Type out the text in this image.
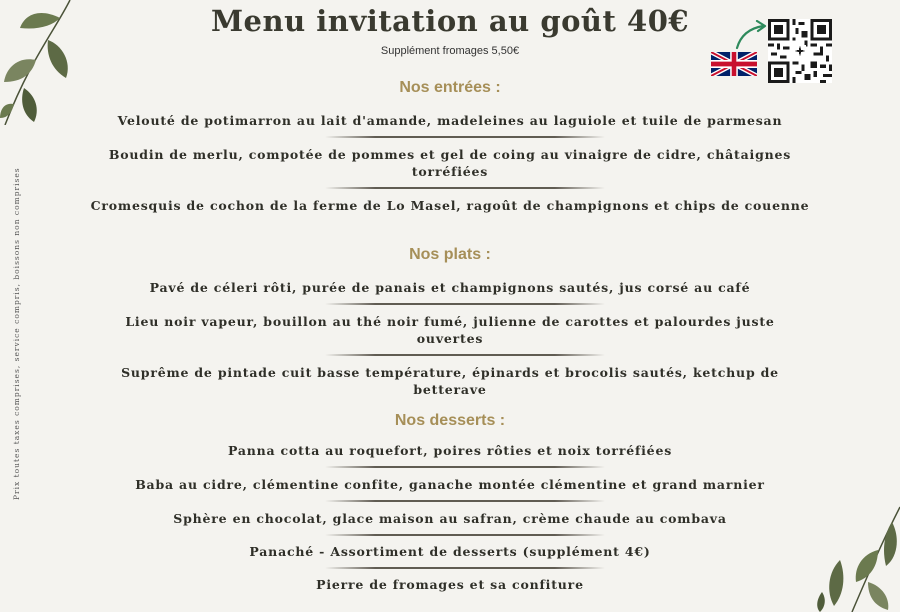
Prix toutes taxes comprises, service compris, boissons non comprises
Menu invitation au goût 40€
Supplément fromages 5,50€
Nos entrées :
Velouté de potimarron au lait d'amande, madeleines au laguiole et tuile de parmesan
Boudin de merlu, compotée de pommes et gel de coing au vinaigre de cidre, châtaignes torréfiées
Cromesquis de cochon de la ferme de Lo Masel, ragoût de champignons et chips de couenne
Nos plats :
Pavé de céleri rôti, purée de panais et champignons sautés, jus corsé au café
Lieu noir vapeur, bouillon au thé noir fumé, julienne de carottes et palourdes juste ouvertes
Suprême de pintade cuit basse température, épinards et brocolis sautés, ketchup de betterave
Nos desserts :
Panna cotta au roquefort, poires rôties et noix torréfiées
Baba au cidre, clémentine confite, ganache montée clémentine et grand marnier
Sphère en chocolat, glace maison au safran, crème chaude au combava
Panaché - Assortiment de desserts (supplément 4€)
Pierre de fromages et sa confiture
